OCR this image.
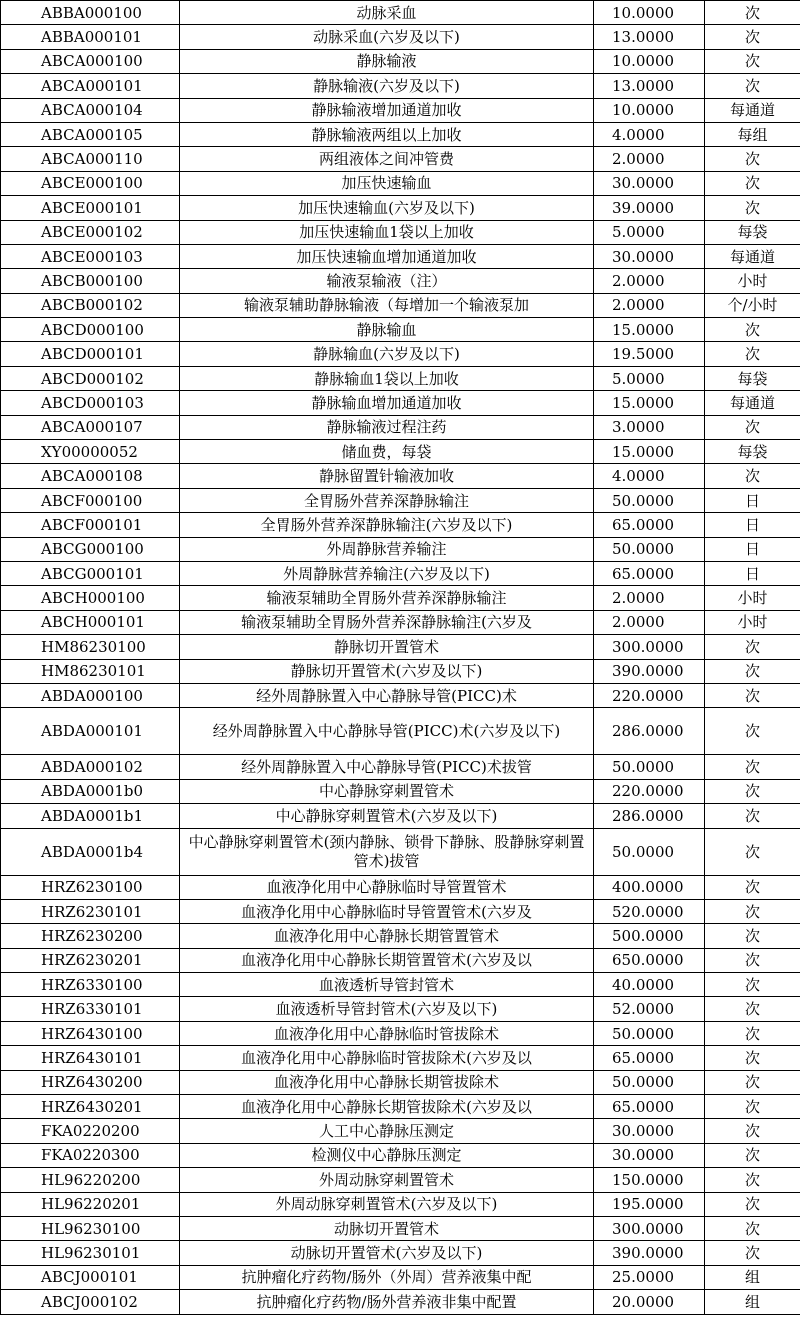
ABBA000100	动脉采血	10.0000	次
ABBA000101	动脉采血(六岁及以下)	13.0000	次
ABCA000100	静脉输液	10.0000	次
ABCA000101	静脉输液(六岁及以下)	13.0000	次
ABCA000104	静脉输液增加通道加收	10.0000	每通道
ABCA000105	静脉输液两组以上加收	4.0000	每组
ABCA000110	两组液体之间冲管费	2.0000	次
ABCE000100	加压快速输血	30.0000	次
ABCE000101	加压快速输血(六岁及以下)	39.0000	次
ABCE000102	加压快速输血1袋以上加收	5.0000	每袋
ABCE000103	加压快速输血增加通道加收	30.0000	每通道
ABCB000100	输液泵输液（注）	2.0000	小时
ABCB000102	输液泵辅助静脉输液（每增加一个输液泵加	2.0000	个/小时
ABCD000100	静脉输血	15.0000	次
ABCD000101	静脉输血(六岁及以下)	19.5000	次
ABCD000102	静脉输血1袋以上加收	5.0000	每袋
ABCD000103	静脉输血增加通道加收	15.0000	每通道
ABCA000107	静脉输液过程注药	3.0000	次
XY00000052	储血费，每袋	15.0000	每袋
ABCA000108	静脉留置针输液加收	4.0000	次
ABCF000100	全胃肠外营养深静脉输注	50.0000	日
ABCF000101	全胃肠外营养深静脉输注(六岁及以下)	65.0000	日
ABCG000100	外周静脉营养输注	50.0000	日
ABCG000101	外周静脉营养输注(六岁及以下)	65.0000	日
ABCH000100	输液泵辅助全胃肠外营养深静脉输注	2.0000	小时
ABCH000101	输液泵辅助全胃肠外营养深静脉输注(六岁及	2.0000	小时
HM86230100	静脉切开置管术	300.0000	次
HM86230101	静脉切开置管术(六岁及以下)	390.0000	次
ABDA000100	经外周静脉置入中心静脉导管(PICC)术	220.0000	次
ABDA000101	经外周静脉置入中心静脉导管(PICC)术(六岁及以下)	286.0000	次
ABDA000102	经外周静脉置入中心静脉导管(PICC)术拔管	50.0000	次
ABDA0001b0	中心静脉穿刺置管术	220.0000	次
ABDA0001b1	中心静脉穿刺置管术(六岁及以下)	286.0000	次
ABDA0001b4	中心静脉穿刺置管术(颈内静脉、锁骨下静脉、股静脉穿刺置管术)拔管	50.0000	次
HRZ6230100	血液净化用中心静脉临时导管置管术	400.0000	次
HRZ6230101	血液净化用中心静脉临时导管置管术(六岁及	520.0000	次
HRZ6230200	血液净化用中心静脉长期管置管术	500.0000	次
HRZ6230201	血液净化用中心静脉长期管置管术(六岁及以	650.0000	次
HRZ6330100	血液透析导管封管术	40.0000	次
HRZ6330101	血液透析导管封管术(六岁及以下)	52.0000	次
HRZ6430100	血液净化用中心静脉临时管拔除术	50.0000	次
HRZ6430101	血液净化用中心静脉临时管拔除术(六岁及以	65.0000	次
HRZ6430200	血液净化用中心静脉长期管拔除术	50.0000	次
HRZ6430201	血液净化用中心静脉长期管拔除术(六岁及以	65.0000	次
FKA0220200	人工中心静脉压测定	30.0000	次
FKA0220300	检测仪中心静脉压测定	30.0000	次
HL96220200	外周动脉穿刺置管术	150.0000	次
HL96220201	外周动脉穿刺置管术(六岁及以下)	195.0000	次
HL96230100	动脉切开置管术	300.0000	次
HL96230101	动脉切开置管术(六岁及以下)	390.0000	次
ABCJ000101	抗肿瘤化疗药物/肠外（外周）营养液集中配	25.0000	组
ABCJ000102	抗肿瘤化疗药物/肠外营养液非集中配置	20.0000	组
